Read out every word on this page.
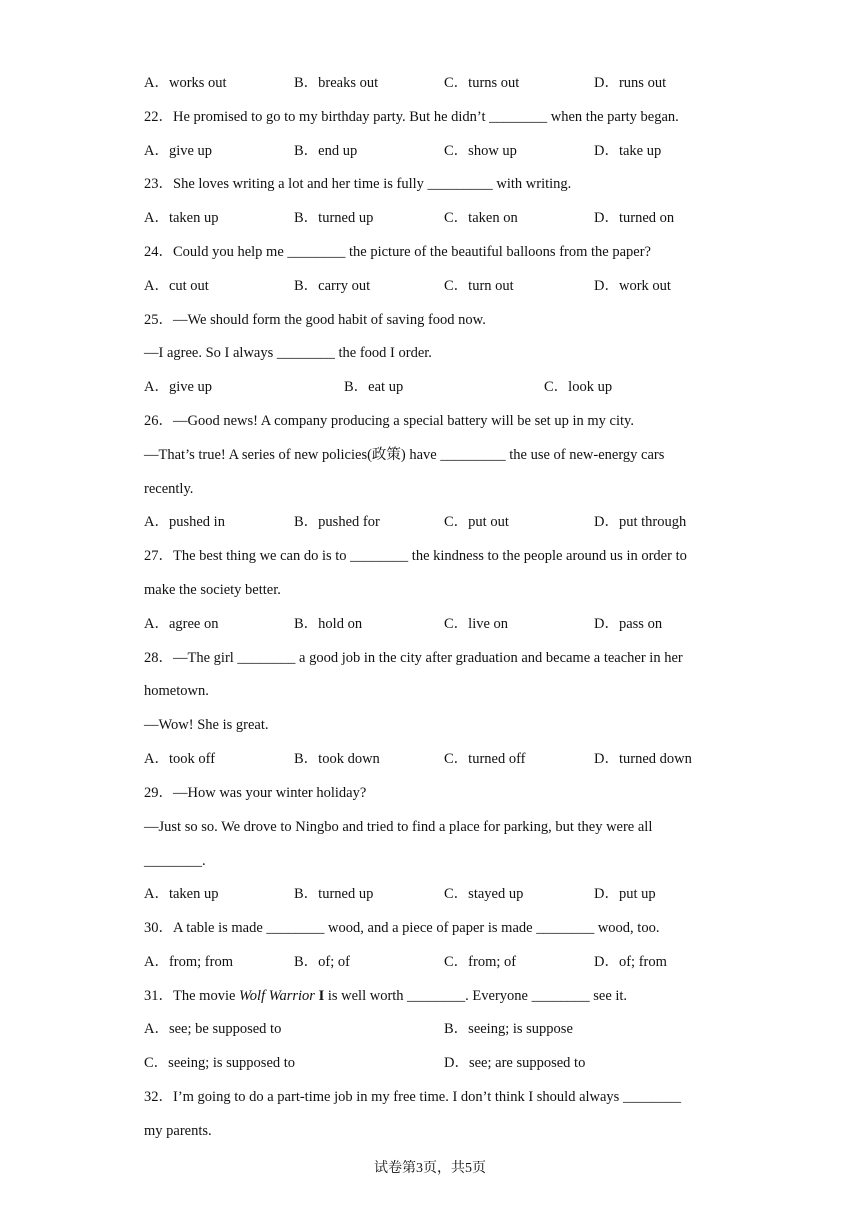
A．works out	B．breaks out	C．turns out	D．runs out
22．He promised to go to my birthday party. But he didn’t ________ when the party began.
A．give up	B．end up	C．show up	D．take up
23．She loves writing a lot and her time is fully _________ with writing.
A．taken up	B．turned up	C．taken on	D．turned on
24．Could you help me ________ the picture of the beautiful balloons from the paper?
A．cut out	B．carry out	C．turn out	D．work out
25．—We should form the good habit of saving food now.
—I agree. So I always ________ the food I order.
A．give up	B．eat up	C．look up
26．—Good news! A company producing a special battery will be set up in my city.
—That’s true! A series of new policies(政策) have _________ the use of new-energy cars
recently.
A．pushed in	B．pushed for	C．put out	D．put through
27．The best thing we can do is to ________ the kindness to the people around us in order to
make the society better.
A．agree on	B．hold on	C．live on	D．pass on
28．—The girl ________ a good job in the city after graduation and became a teacher in her
hometown.
—Wow! She is great.
A．took off	B．took down	C．turned off	D．turned down
29．—How was your winter holiday?
—Just so so. We drove to Ningbo and tried to find a place for parking, but they were all
________.
A．taken up	B．turned up	C．stayed up	D．put up
30．A table is made ________ wood, and a piece of paper is made ________ wood, too.
A．from; from	B．of; of	C．from; of	D．of; from
31．The movie Wolf Warrior I is well worth ________. Everyone ________ see it.
A．see; be supposed to	B．seeing; is suppose
C．seeing; is supposed to	D．see; are supposed to
32．I’m going to do a part-time job in my free time. I don’t think I should always ________
my parents.
试卷第3页，共5页
